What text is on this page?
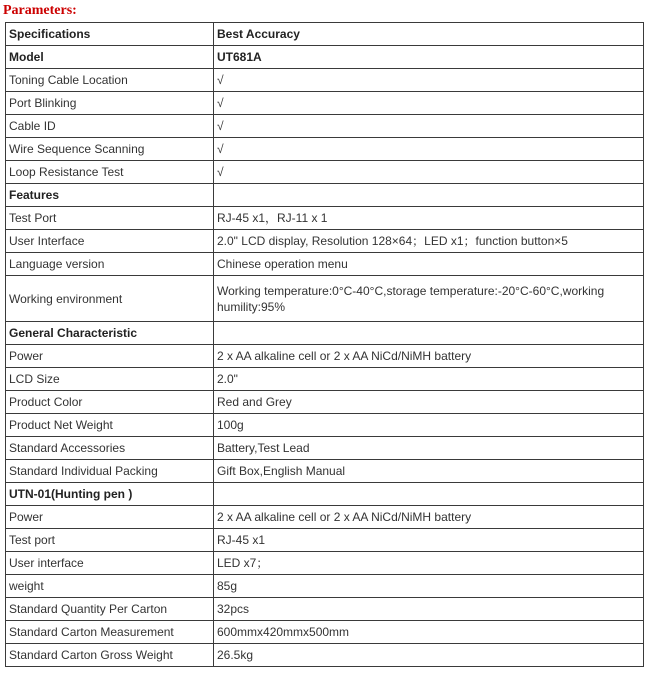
Parameters:
Specifications	Best Accuracy
Model	UT681A
Toning Cable Location	√
Port Blinking	√
Cable ID	√
Wire Sequence Scanning	√
Loop Resistance Test	√
Features	
Test Port	RJ-45 x1，RJ-11 x 1
User Interface	2.0" LCD display, Resolution 128×64；LED x1；function button×5
Language version	Chinese operation menu
Working environment	Working temperature:0°C-40°C,storage temperature:-20°C-60°C,working humility:95%
General Characteristic	
Power	2 x AA alkaline cell or 2 x AA NiCd/NiMH battery
LCD Size	2.0"
Product Color	Red and Grey
Product Net Weight	100g
Standard Accessories	Battery,Test Lead
Standard Individual Packing	Gift Box,English Manual
UTN-01(Hunting pen )	
Power	2 x AA alkaline cell or 2 x AA NiCd/NiMH battery
Test port	RJ-45 x1
User interface	LED x7；
weight	85g
Standard Quantity Per Carton	32pcs
Standard Carton Measurement	600mmx420mmx500mm
Standard Carton Gross Weight	26.5kg
